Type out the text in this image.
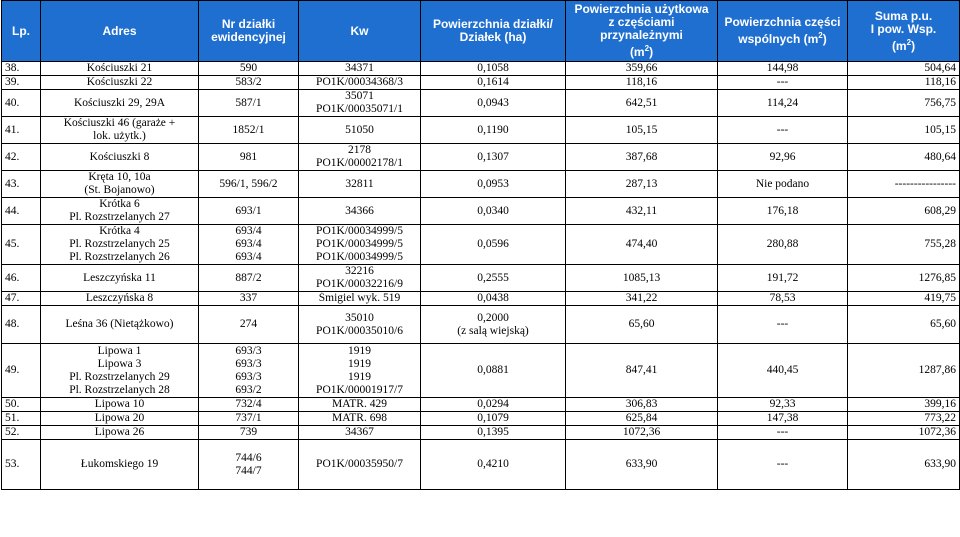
Lp.	Adres	Nr działki
ewidencyjnej	Kw	Powierzchnia działki/
Działek (ha)	Powierzchnia użytkowa
z częściami przynależnymi
$(m^2)$	Powierzchnia części
wspólnych $(m^2)$	Suma p.u.
I pow. Wsp.
$(m^2)$
38.	Kościuszki 21	590	34371	0,1058	359,66	144,98	504,64
39.	Kościuszki 22	583/2	PO1K/00034368/3	0,1614	118,16	---	118,16
40.	Kościuszki 29, 29A	587/1	35071
PO1K/00035071/1	0,0943	642,51	114,24	756,75
41.	Kościuszki 46 (garaże +
lok. użytk.)	1852/1	51050	0,1190	105,15	---	105,15
42.	Kościuszki 8	981	2178
PO1K/00002178/1	0,1307	387,68	92,96	480,64
43.	Kręta 10, 10a
(St. Bojanowo)	596/1, 596/2	32811	0,0953	287,13	Nie podano	----------------
44.	Krótka 6
Pl. Rozstrzelanych 27	693/1	34366	0,0340	432,11	176,18	608,29
45.	Krótka 4
Pl. Rozstrzelanych 25
Pl. Rozstrzelanych 26	693/4
693/4
693/4	PO1K/00034999/5
PO1K/00034999/5
PO1K/00034999/5	0,0596	474,40	280,88	755,28
46.	Leszczyńska 11	887/2	32216
PO1K/00032216/9	0,2555	1085,13	191,72	1276,85
47.	Leszczyńska 8	337	Śmigiel wyk. 519	0,0438	341,22	78,53	419,75
48.	Leśna 36 (Nietążkowo)	274	35010
PO1K/00035010/6	0,2000
(z salą wiejską)	65,60	---	65,60
49.	Lipowa 1
Lipowa 3
Pl. Rozstrzelanych 29
Pl. Rozstrzelanych 28	693/3
693/3
693/3
693/2	1919
1919
1919
PO1K/00001917/7	0,0881	847,41	440,45	1287,86
50.	Lipowa 10	732/4	MATR. 429	0,0294	306,83	92,33	399,16
51.	Lipowa 20	737/1	MATR. 698	0,1079	625,84	147,38	773,22
52.	Lipowa 26	739	34367	0,1395	1072,36	---	1072,36
53.	Łukomskiego 19	744/6
744/7	PO1K/00035950/7	0,4210	633,90	---	633,90
